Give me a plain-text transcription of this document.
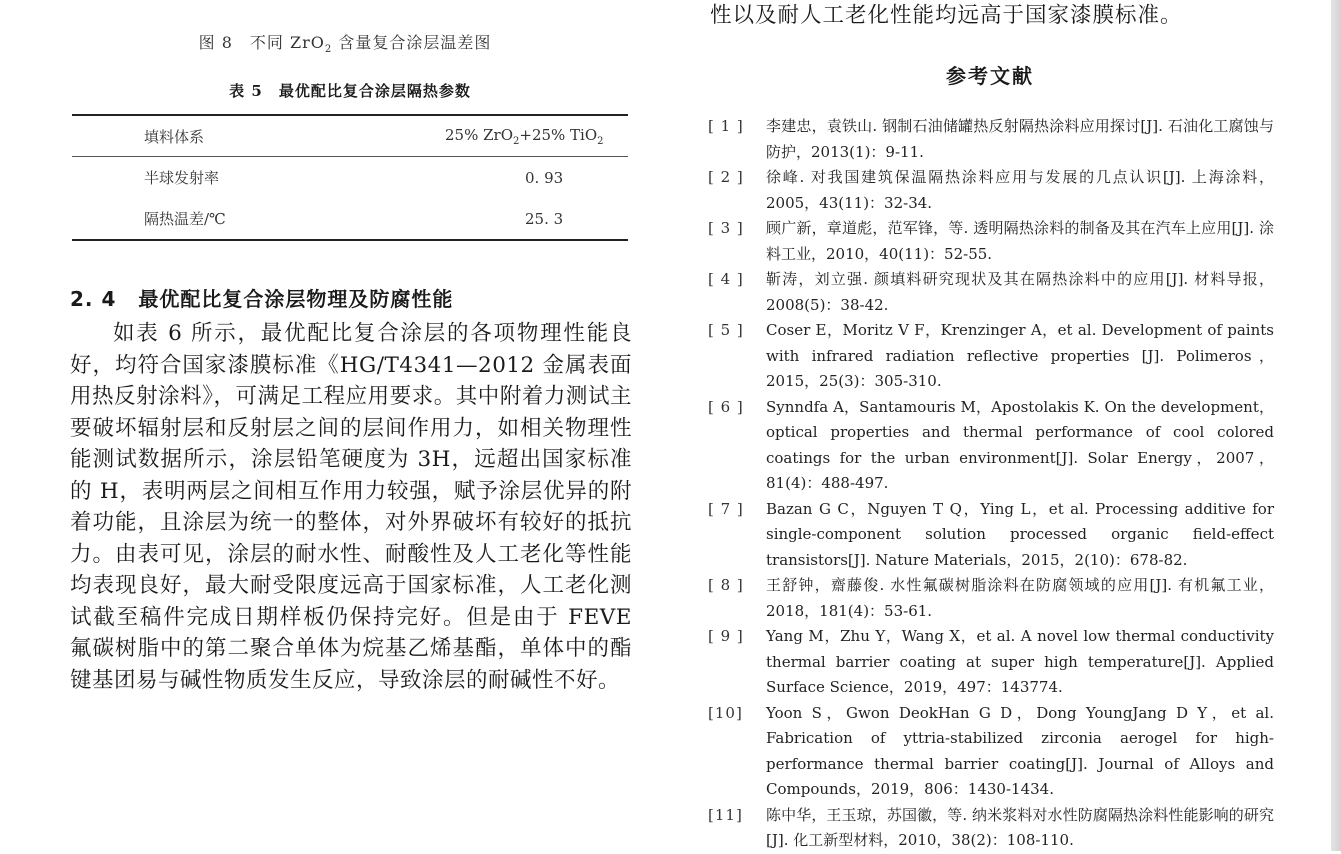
图 8　不同 ZrO$_2$ 含量复合涂层温差图
表 5　最优配比复合涂层隔热参数
填料体系	25% ZrO$_2$+25% TiO$_2$
半球发射率	0. 93
隔热温差/℃	25. 3
2. 4 最优配比复合涂层物理及防腐性能

如表 6 所示，最优配比复合涂层的各项物理性能良好，均符合国家漆膜标准《HG/T4341—2012 金属表面用热反射涂料》，可满足工程应用要求。其中附着力测试主要破坏辐射层和反射层之间的层间作用力，如相关物理性能测试数据所示，涂层铅笔硬度为 3H，远超出国家标准的 H，表明两层之间相互作用力较强，赋予涂层优异的附着功能，且涂层为统一的整体，对外界破坏有较好的抵抗力。由表可见，涂层的耐水性、耐酸性及人工老化等性能均表现良好，最大耐受限度远高于国家标准，人工老化测试截至稿件完成日期样板仍保持完好。但是由于 FEVE 氟碳树脂中的第二聚合单体为烷基乙烯基酯，单体中的酯键基团易与碱性物质发生反应，导致涂层的耐碱性不好。

性以及耐人工老化性能均远高于国家漆膜标准。
参考文献
[ 1 ]	李建忠，袁铁山. 钢制石油储罐热反射隔热涂料应用探讨[J]. 石油化工腐蚀与防护，2013(1)：9-11.
[ 2 ]	徐峰. 对我国建筑保温隔热涂料应用与发展的几点认识[J]. 上海涂料，2005，43(11)：32-34.
[ 3 ]	顾广新，章道彪，范军锋，等. 透明隔热涂料的制备及其在汽车上应用[J]. 涂料工业，2010，40(11)：52-55.
[ 4 ]	靳涛，刘立强. 颜填料研究现状及其在隔热涂料中的应用[J]. 材料导报，2008(5)：38-42.
[ 5 ]	Coser E，Moritz V F，Krenzinger A，et al. Development of paints with infrared radiation reflective properties [J]. Polimeros，2015，25(3)：305-310.
[ 6 ]	Synndfa A，Santamouris M，Apostolakis K. On the development，optical properties and thermal performance of cool colored coatings for the urban environment[J]. Solar Energy，2007，81(4)：488-497.
[ 7 ]	Bazan G C，Nguyen T Q，Ying L，et al. Processing additive for single-component solution processed organic field-effect transistors[J]. Nature Materials，2015，2(10)：678-82.
[ 8 ]	王舒钟，齋藤俊. 水性氟碳树脂涂料在防腐领域的应用[J]. 有机氟工业，2018，181(4)：53-61.
[ 9 ]	Yang M，Zhu Y，Wang X，et al. A novel low thermal conductivity thermal barrier coating at super high temperature[J]. Applied Surface Science，2019，497：143774.
[10]	Yoon S，Gwon DeokHan G D，Dong YoungJang D Y，et al. Fabrication of yttria-stabilized zirconia aerogel for high-performance thermal barrier coating[J]. Journal of Alloys and Compounds，2019，806：1430-1434.
[11]	陈中华，王玉琼，苏国徽，等. 纳米浆料对水性防腐隔热涂料性能影响的研究[J]. 化工新型材料，2010，38(2)：108-110.
